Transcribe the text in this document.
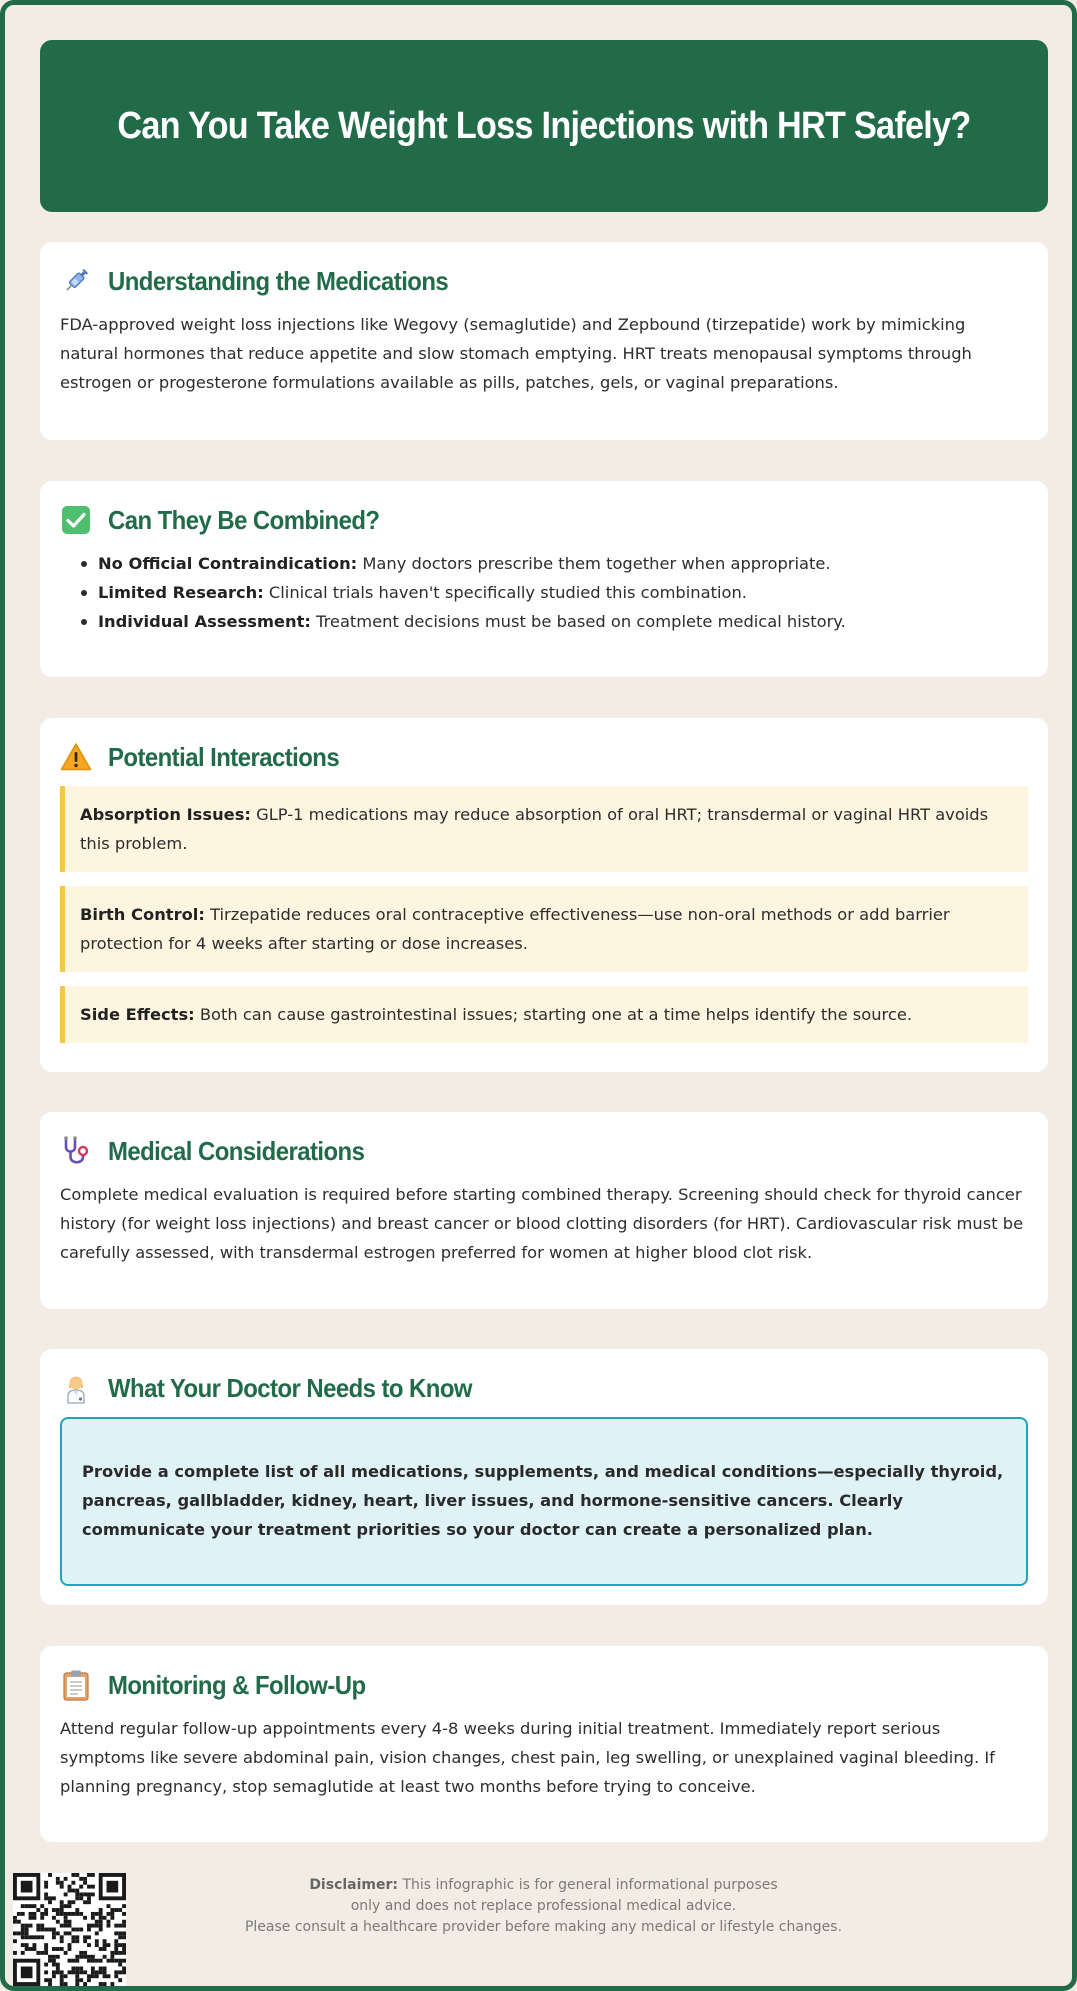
Can You Take Weight Loss Injections with HRT Safely?
Understanding the Medications

FDA-approved weight loss injections like Wegovy (semaglutide) and Zepbound (tirzepatide) work by mimicking natural hormones that reduce appetite and slow stomach emptying. HRT treats menopausal symptoms through estrogen or progesterone formulations available as pills, patches, gels, or vaginal preparations.

Can They Be Combined?
No Official Contraindication: Many doctors prescribe them together when appropriate.
Limited Research: Clinical trials haven't specifically studied this combination.
Individual Assessment: Treatment decisions must be based on complete medical history.
Potential Interactions
Absorption Issues: GLP-1 medications may reduce absorption of oral HRT; transdermal or vaginal HRT avoids this problem.
Birth Control: Tirzepatide reduces oral contraceptive effectiveness—use non-oral methods or add barrier protection for 4 weeks after starting or dose increases.
Side Effects: Both can cause gastrointestinal issues; starting one at a time helps identify the source.
Medical Considerations

Complete medical evaluation is required before starting combined therapy. Screening should check for thyroid cancer history (for weight loss injections) and breast cancer or blood clotting disorders (for HRT). Cardiovascular risk must be carefully assessed, with transdermal estrogen preferred for women at higher blood clot risk.

What Your Doctor Needs to Know
Provide a complete list of all medications, supplements, and medical conditions—especially thyroid, pancreas, gallbladder, kidney, heart, liver issues, and hormone-sensitive cancers. Clearly communicate your treatment priorities so your doctor can create a personalized plan.
Monitoring & Follow-Up

Attend regular follow-up appointments every 4-8 weeks during initial treatment. Immediately report serious symptoms like severe abdominal pain, vision changes, chest pain, leg swelling, or unexplained vaginal bleeding. If planning pregnancy, stop semaglutide at least two months before trying to conceive.

Disclaimer: This infographic is for general informational purposes
only and does not replace professional medical advice.
Please consult a healthcare provider before making any medical or lifestyle changes.
